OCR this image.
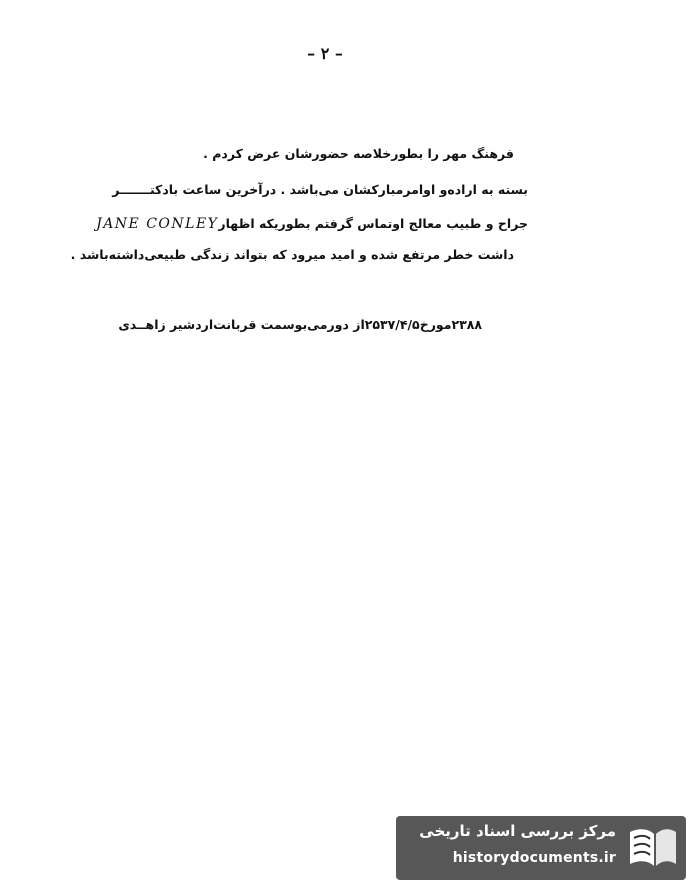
– ۲ –
فرهنگ مهر را بطورخلاصه حضورشان عرض کردم .
بسته به اراده‌و اوامرمبارکشان می‌باشد . درآخرین ساعت بادکتـــــــر
جراح و طبیب معالج اوتماس گرفتم بطوریکه اظهارJANE CONLEY
داشت خطر مرتفع شده و امید میرود که بتواند زندگی طبیعی‌داشته‌باشد .
۲۳۸۸مورخ۲۵۳۷/۴/۵از دورمی‌بوسمت قربانت‌اردشیر زاهــدی
مرکز بررسی اسناد تاریخی
historydocuments.ir
